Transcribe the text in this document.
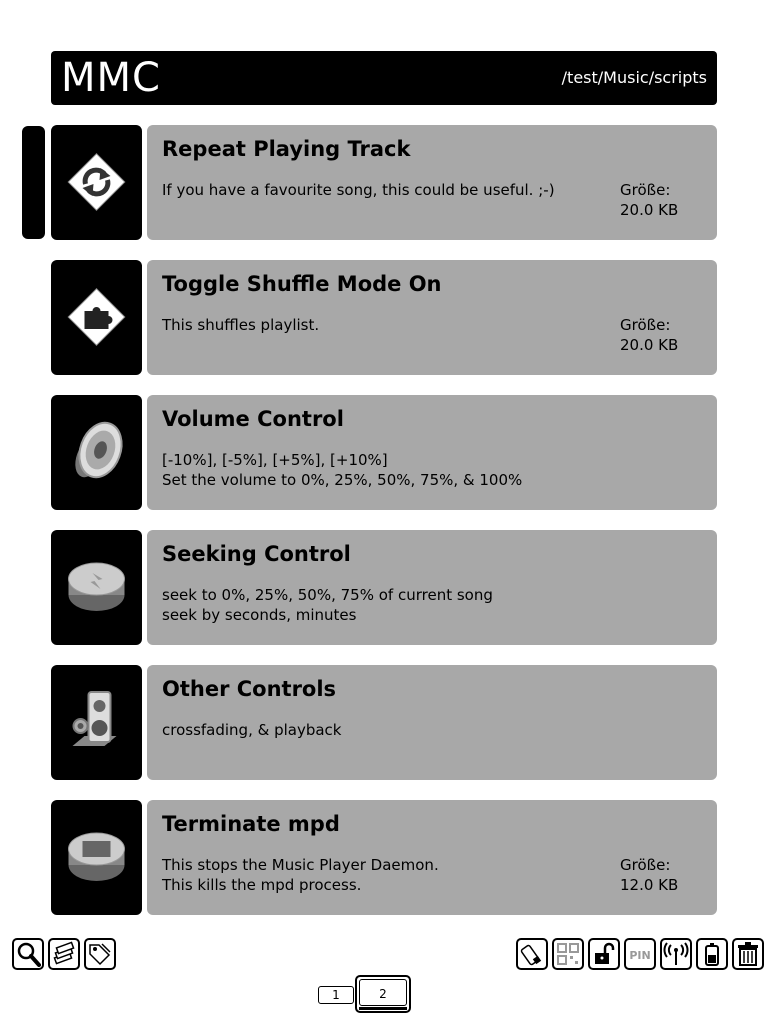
MMC	/test/Music/scripts
Repeat Playing Track
If you have a favourite song, this could be useful. ;-)	Größe:
20.0 KB
Toggle Shuffle Mode On
This shuffles playlist.	Größe:
20.0 KB
Volume Control
[-10%], [-5%], [+5%], [+10%]
Set the volume to 0%, 25%, 50%, 75%, & 100%
Seeking Control
seek to 0%, 25%, 50%, 75% of current song
seek by seconds, minutes
Other Controls
crossfading, & playback
Terminate mpd
This stops the Music Player Daemon.
This kills the mpd process.
Größe:
12.0 KB
PIN
1	2
